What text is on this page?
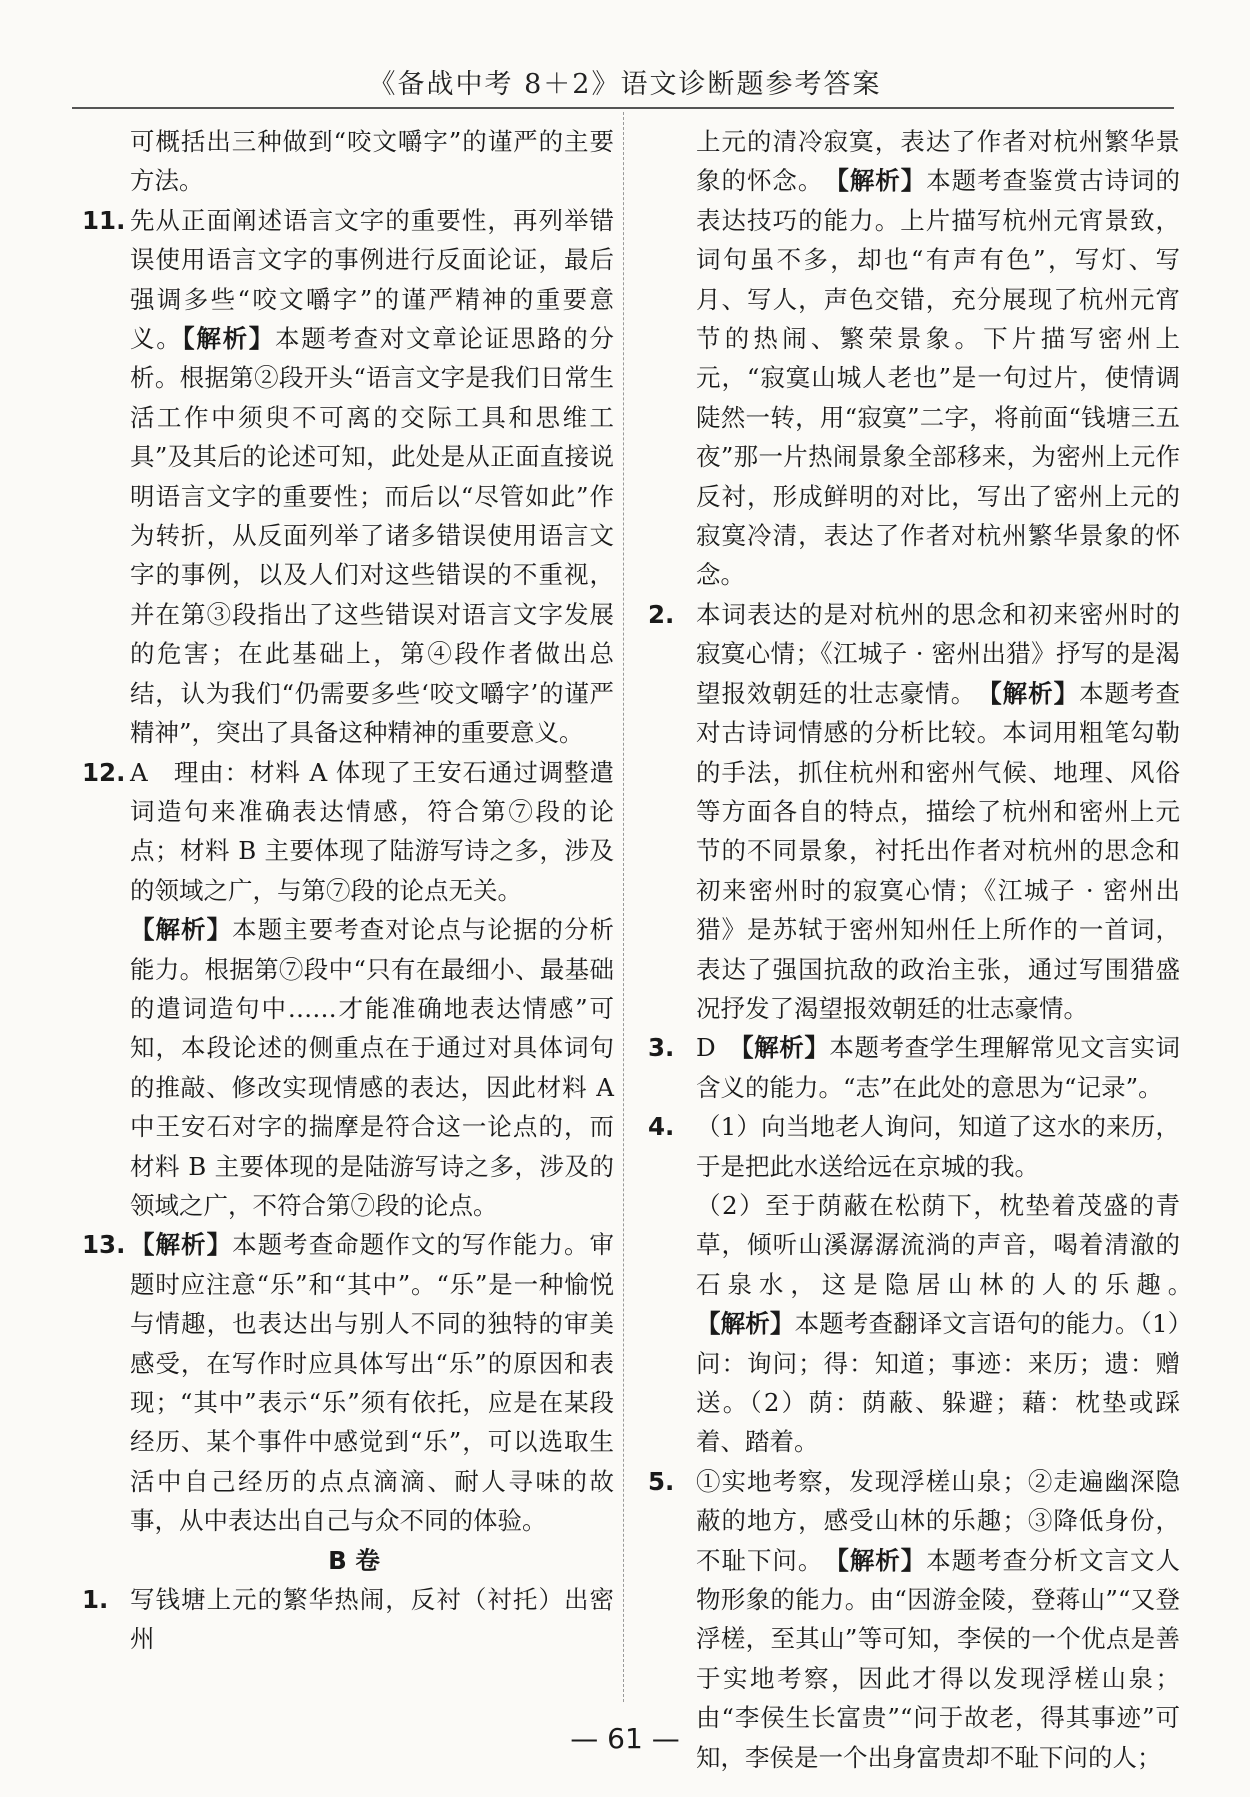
《备战中考 8＋2》语文诊断题参考答案

可概括出三种做到“咬文嚼字”的谨严的主要方法。

11. 先从正面阐述语言文字的重要性，再列举错误使用语言文字的事例进行反面论证，最后强调多些“咬文嚼字”的谨严精神的重要意义。【解析】本题考查对文章论证思路的分析。根据第②段开头“语言文字是我们日常生活工作中须臾不可离的交际工具和思维工具”及其后的论述可知，此处是从正面直接说明语言文字的重要性；而后以“尽管如此”作为转折，从反面列举了诸多错误使用语言文字的事例，以及人们对这些错误的不重视，并在第③段指出了这些错误对语言文字发展的危害；在此基础上，第④段作者做出总结，认为我们“仍需要多些‘咬文嚼字’的谨严精神”，突出了具备这种精神的重要意义。

12. A　理由：材料 A 体现了王安石通过调整遣词造句来准确表达情感，符合第⑦段的论点；材料 B 主要体现了陆游写诗之多，涉及的领域之广，与第⑦段的论点无关。

【解析】本题主要考查对论点与论据的分析能力。根据第⑦段中“只有在最细小、最基础的遣词造句中……才能准确地表达情感”可知，本段论述的侧重点在于通过对具体词句的推敲、修改实现情感的表达，因此材料 A 中王安石对字的揣摩是符合这一论点的，而材料 B 主要体现的是陆游写诗之多，涉及的领域之广，不符合第⑦段的论点。

13. 【解析】本题考查命题作文的写作能力。审题时应注意“乐”和“其中”。“乐”是一种愉悦与情趣，也表达出与别人不同的独特的审美感受，在写作时应具体写出“乐”的原因和表现；“其中”表示“乐”须有依托，应是在某段经历、某个事件中感觉到“乐”，可以选取生活中自己经历的点点滴滴、耐人寻味的故事，从中表达出自己与众不同的体验。

B 卷

1. 写钱塘上元的繁华热闹，反衬（衬托）出密州

上元的清冷寂寞，表达了作者对杭州繁华景象的怀念。　【解析】本题考查鉴赏古诗词的表达技巧的能力。上片描写杭州元宵景致，词句虽不多，却也“有声有色”，写灯、写月、写人，声色交错，充分展现了杭州元宵节的热闹、繁荣景象。下片描写密州上元，“寂寞山城人老也”是一句过片，使情调陡然一转，用“寂寞”二字，将前面“钱塘三五夜”那一片热闹景象全部移来，为密州上元作反衬，形成鲜明的对比，写出了密州上元的寂寞冷清，表达了作者对杭州繁华景象的怀念。

2. 本词表达的是对杭州的思念和初来密州时的寂寞心情；《江城子 · 密州出猎》抒写的是渴望报效朝廷的壮志豪情。　【解析】本题考查对古诗词情感的分析比较。本词用粗笔勾勒的手法，抓住杭州和密州气候、地理、风俗等方面各自的特点，描绘了杭州和密州上元节的不同景象，衬托出作者对杭州的思念和初来密州时的寂寞心情；《江城子 · 密州出猎》是苏轼于密州知州任上所作的一首词，表达了强国抗敌的政治主张，通过写围猎盛况抒发了渴望报效朝廷的壮志豪情。

3. D　【解析】本题考查学生理解常见文言实词含义的能力。“志”在此处的意思为“记录”。

4. （1）向当地老人询问，知道了这水的来历，于是把此水送给远在京城的我。

（2）至于荫蔽在松荫下，枕垫着茂盛的青草，倾听山溪潺潺流淌的声音，喝着清澈的石泉水，这是隐居山林的人的乐趣。　【解析】本题考查翻译文言语句的能力。（1）问：询问；得：知道；事迹：来历；遗：赠送。（2）荫：荫蔽、躲避；藉：枕垫或踩着、踏着。

5. ①实地考察，发现浮槎山泉；②走遍幽深隐蔽的地方，感受山林的乐趣；③降低身份，不耻下问。　【解析】本题考查分析文言文人物形象的能力。由“因游金陵，登蒋山”“又登浮槎，至其山”等可知，李侯的一个优点是善于实地考察，因此才得以发现浮槎山泉；由“李侯生长富贵”“问于故老，得其事迹”可知，李侯是一个出身富贵却不耻下问的人；

— 61 —
